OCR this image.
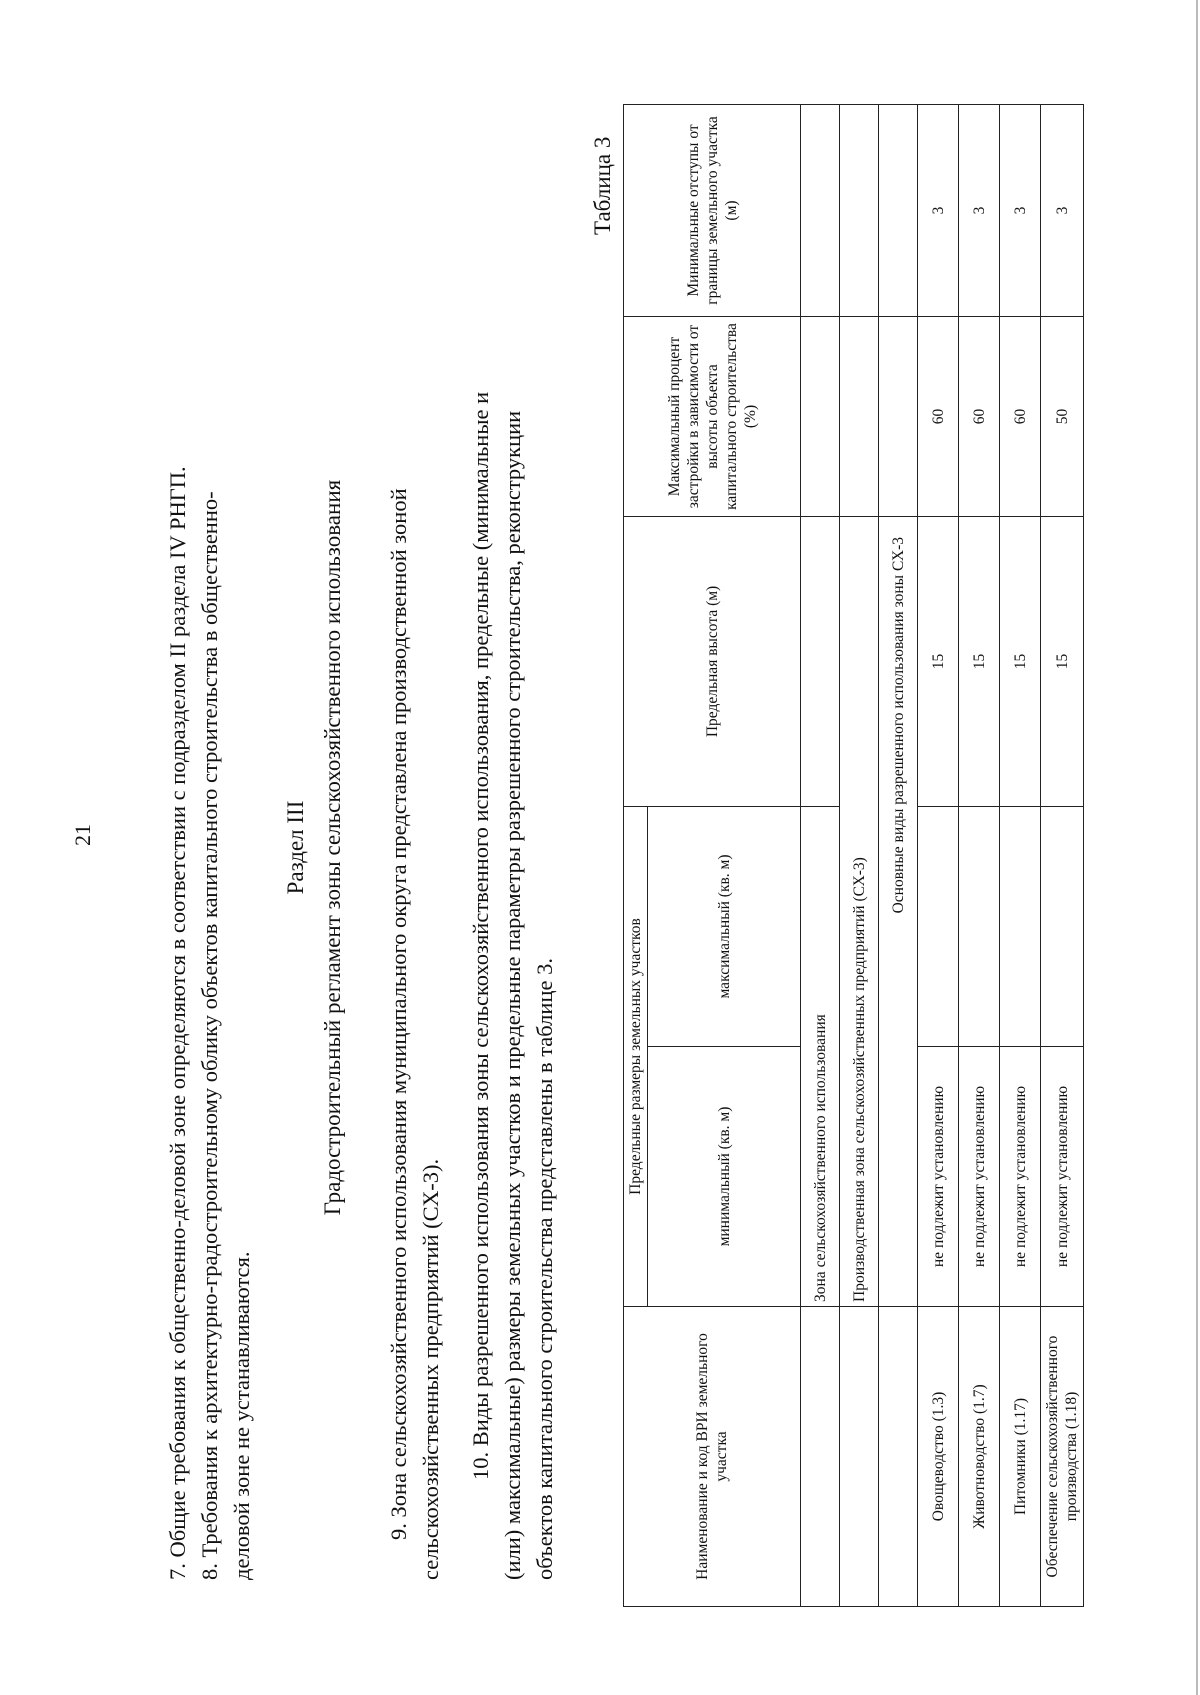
21	7. Общие требования к общественно-деловой зоне определяются в соответствии с подразделом II раздела IV РНГП. 8. Требования к архитектурно-градостроительному облику объектов капитального строительства в общественно- деловой зоне не устанавливаются.

Раздел III Градостроительный регламент зоны сельскохозяйственного использования 9. Зона сельскохозяйственного использования муниципального округа представлена производственной зоной сельскохозяйственных предприятий (СХ-3). 10. Виды разрешенного использования зоны сельскохозяйственного использования, предельные (минимальные и (или) максимальные) размеры земельных участков и предельные параметры разрешенного строительства, реконструкции объектов капитального строительства представлены в таблице 3.

Таблица 3
Наименование и код ВРИ земельного участка	Предельные размеры земельных участков		Предельная высота (м)	Максимальный процент застройки в зависимости от высоты объекта капитального строительства (%)	Минимальные отступы от границы земельного участка (м)
	минимальный (кв. м)	максимальный (кв. м)			
	Зона сельскохозяйственного использования				
	Производственная зона сельскохозяйственных предприятий (СХ-3)				
	Основные виды разрешенного использования зоны СХ-3				
Овощеводство (1.3)	не подлежит установлению		15	60	3
Животноводство (1.7)	не подлежит установлению		15	60	3
Питомники (1.17)	не подлежит установлению		15	60	3
Обеспечение сельскохозяйственного производства (1.18)	не подлежит установлению		15	50	3
